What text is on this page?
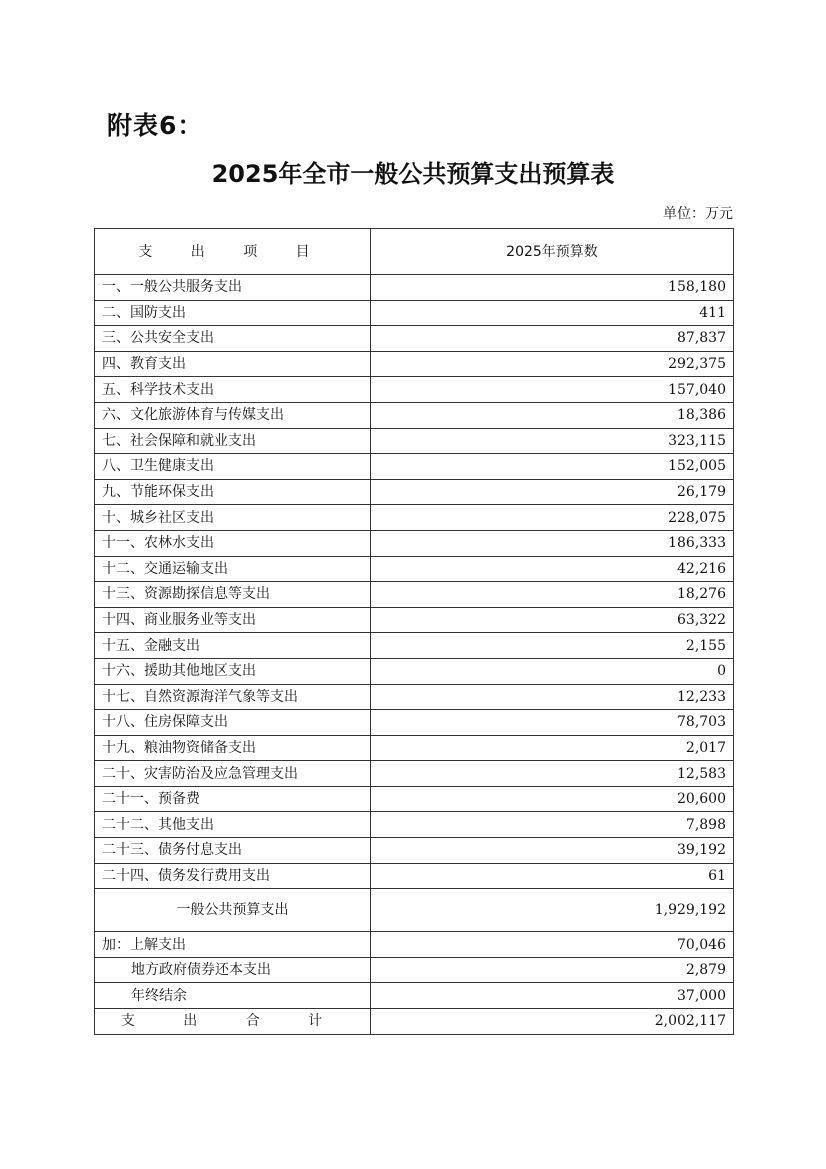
附表6：
2025年全市一般公共预算支出预算表
单位：万元
支 出 项 目	2025年预算数
一、一般公共服务支出	158,180
二、国防支出	411
三、公共安全支出	87,837
四、教育支出	292,375
五、科学技术支出	157,040
六、文化旅游体育与传媒支出	18,386
七、社会保障和就业支出	323,115
八、卫生健康支出	152,005
九、节能环保支出	26,179
十、城乡社区支出	228,075
十一、农林水支出	186,333
十二、交通运输支出	42,216
十三、资源勘探信息等支出	18,276
十四、商业服务业等支出	63,322
十五、金融支出	2,155
十六、援助其他地区支出	0
十七、自然资源海洋气象等支出	12,233
十八、住房保障支出	78,703
十九、粮油物资储备支出	2,017
二十、灾害防治及应急管理支出	12,583
二十一、预备费	20,600
二十二、其他支出	7,898
二十三、债务付息支出	39,192
二十四、债务发行费用支出	61
一般公共预算支出	1,929,192
加：上解支出	70,046
地方政府债券还本支出	2,879
年终结余	37,000
支 出 合 计	2,002,117
